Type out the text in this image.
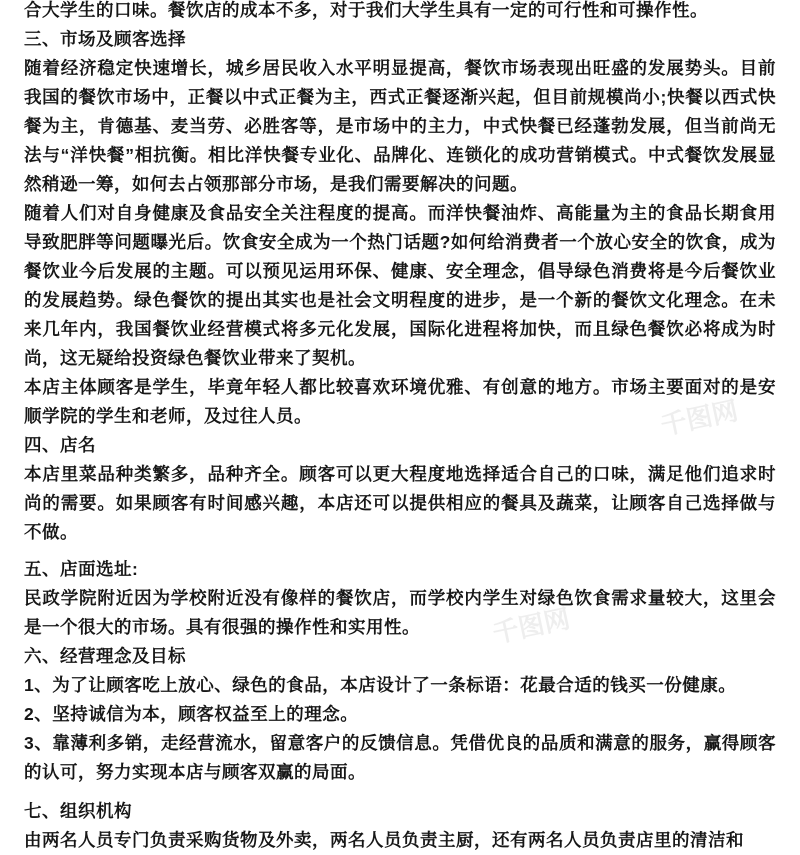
合大学生的口味。餐饮店的成本不多，对于我们大学生具有一定的可行性和可操作性。

三、市场及顾客选择

随着经济稳定快速增长，城乡居民收入水平明显提高，餐饮市场表现出旺盛的发展势头。目前我国的餐饮市场中，正餐以中式正餐为主，西式正餐逐渐兴起，但目前规模尚小;快餐以西式快餐为主，肯德基、麦当劳、必胜客等，是市场中的主力，中式快餐已经蓬勃发展，但当前尚无法与“洋快餐”相抗衡。相比洋快餐专业化、品牌化、连锁化的成功营销模式。中式餐饮发展显然稍逊一筹，如何去占领那部分市场，是我们需要解决的问题。

随着人们对自身健康及食品安全关注程度的提高。而洋快餐油炸、高能量为主的食品长期食用导致肥胖等问题曝光后。饮食安全成为一个热门话题?如何给消费者一个放心安全的饮食，成为餐饮业今后发展的主题。可以预见运用环保、健康、安全理念，倡导绿色消费将是今后餐饮业的发展趋势。绿色餐饮的提出其实也是社会文明程度的进步，是一个新的餐饮文化理念。在未来几年内，我国餐饮业经营模式将多元化发展，国际化进程将加快，而且绿色餐饮必将成为时尚，这无疑给投资绿色餐饮业带来了契机。

本店主体顾客是学生，毕竟年轻人都比较喜欢环境优雅、有创意的地方。市场主要面对的是安顺学院的学生和老师，及过往人员。

四、店名

本店里菜品种类繁多，品种齐全。顾客可以更大程度地选择适合自己的口味，满足他们追求时尚的需要。如果顾客有时间感兴趣，本店还可以提供相应的餐具及蔬菜，让顾客自己选择做与不做。

五、店面选址:

民政学院附近因为学校附近没有像样的餐饮店，而学校内学生对绿色饮食需求量较大，这里会是一个很大的市场。具有很强的操作性和实用性。

六、经营理念及目标

1、为了让顾客吃上放心、绿色的食品，本店设计了一条标语：花最合适的钱买一份健康。

2、坚持诚信为本，顾客权益至上的理念。

3、靠薄利多销，走经营流水，留意客户的反馈信息。凭借优良的品质和满意的服务，赢得顾客的认可，努力实现本店与顾客双赢的局面。

七、组织机构

由两名人员专门负责采购货物及外卖，两名人员负责主厨，还有两名人员负责店里的清洁和

千图网
千图网
